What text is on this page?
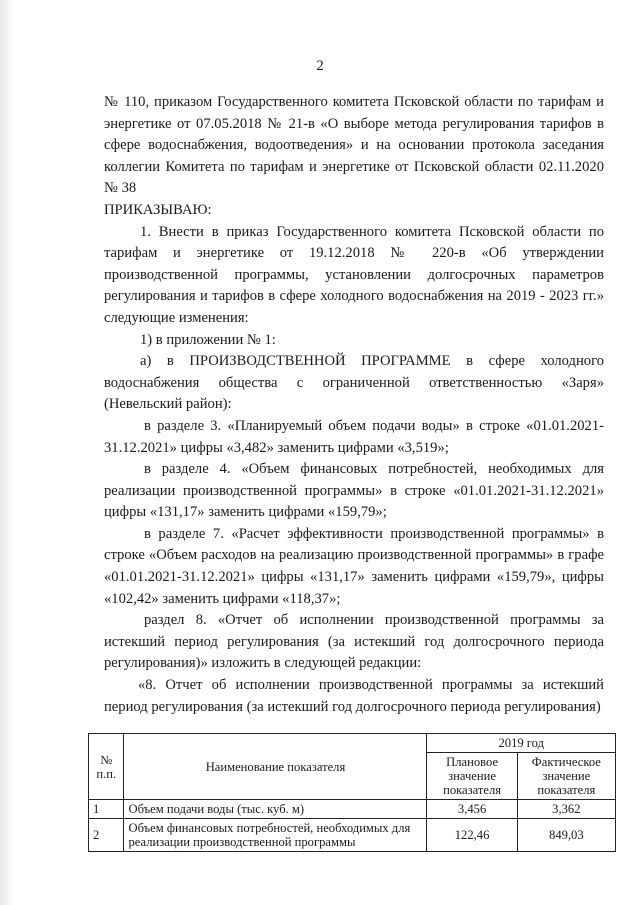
2

№ 110, приказом Государственного комитета Псковской области по тарифам и энергетике от 07.05.2018 № 21-в «О выборе метода регулирования тарифов в сфере водоснабжения, водоотведения» и на основании протокола заседания коллегии Комитета по тарифам и энергетике от Псковской области 02.11.2020 № 38

ПРИКАЗЫВАЮ:

1. Внести в приказ Государственного комитета Псковской области по тарифам и энергетике от 19.12.2018 № 220-в «Об утверждении производственной программы, установлении долгосрочных параметров регулирования и тарифов в сфере холодного водоснабжения на 2019 - 2023 гг.» следующие изменения:

1) в приложении № 1:

а) в ПРОИЗВОДСТВЕННОЙ ПРОГРАММЕ в сфере холодного водоснабжения общества с ограниченной ответственностью «Заря» (Невельский район):

в разделе 3. «Планируемый объем подачи воды» в строке «01.01.2021-31.12.2021» цифры «3,482» заменить цифрами «3,519»;

в разделе 4. «Объем финансовых потребностей, необходимых для реализации производственной программы» в строке «01.01.2021-31.12.2021» цифры «131,17» заменить цифрами «159,79»;

в разделе 7. «Расчет эффективности производственной программы» в строке «Объем расходов на реализацию производственной программы» в графе «01.01.2021-31.12.2021» цифры «131,17» заменить цифрами «159,79», цифры «102,42» заменить цифрами «118,37»;

раздел 8. «Отчет об исполнении производственной программы за истекший период регулирования (за истекший год долгосрочного периода регулирования)» изложить в следующей редакции:

«8. Отчет об исполнении производственной программы за истекший период регулирования (за истекший год долгосрочного периода регулирования)

№ п.п.	Наименование показателя	2019 год	
		Плановое значение показателя	Фактическое значение показателя
1	Объем подачи воды (тыс. куб. м)	3,456	3,362
2	Объем финансовых потребностей, необходимых для реализации производственной программы	122,46	849,03
